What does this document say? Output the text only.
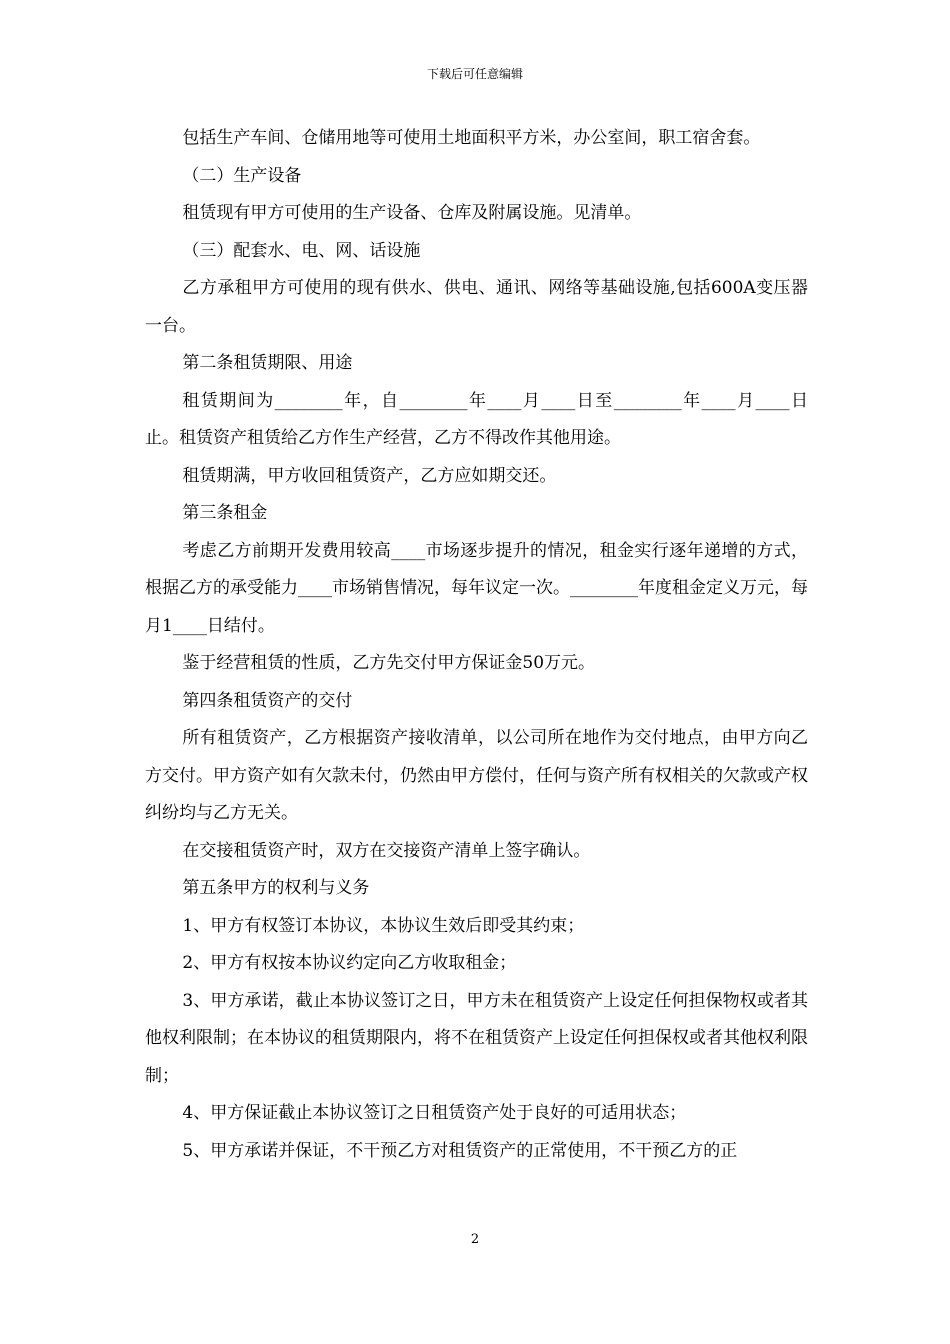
下载后可任意编辑

包括生产车间、仓储用地等可使用土地面积平方米，办公室间，职工宿舍套。

（二）生产设备

租赁现有甲方可使用的生产设备、仓库及附属设施。见清单。

（三）配套水、电、网、话设施

乙方承租甲方可使用的现有供水、供电、通讯、网络等基础设施,包括600A变压器一台。

第二条租赁期限、用途

租赁期间为________年，自________年____月____日至________年____月____日止。租赁资产租赁给乙方作生产经营，乙方不得改作其他用途。

租赁期满，甲方收回租赁资产，乙方应如期交还。

第三条租金

考虑乙方前期开发费用较高____市场逐步提升的情况，租金实行逐年递增的方式，根据乙方的承受能力____市场销售情况，每年议定一次。________年度租金定义万元，每月1____日结付。

鉴于经营租赁的性质，乙方先交付甲方保证金50万元。

第四条租赁资产的交付

所有租赁资产，乙方根据资产接收清单，以公司所在地作为交付地点，由甲方向乙方交付。甲方资产如有欠款未付，仍然由甲方偿付，任何与资产所有权相关的欠款或产权纠纷均与乙方无关。

在交接租赁资产时，双方在交接资产清单上签字确认。

第五条甲方的权利与义务

1、甲方有权签订本协议，本协议生效后即受其约束；

2、甲方有权按本协议约定向乙方收取租金；

3、甲方承诺，截止本协议签订之日，甲方未在租赁资产上设定任何担保物权或者其他权利限制；在本协议的租赁期限内，将不在租赁资产上设定任何担保权或者其他权利限制；

4、甲方保证截止本协议签订之日租赁资产处于良好的可适用状态；

5、甲方承诺并保证，不干预乙方对租赁资产的正常使用，不干预乙方的正

2
